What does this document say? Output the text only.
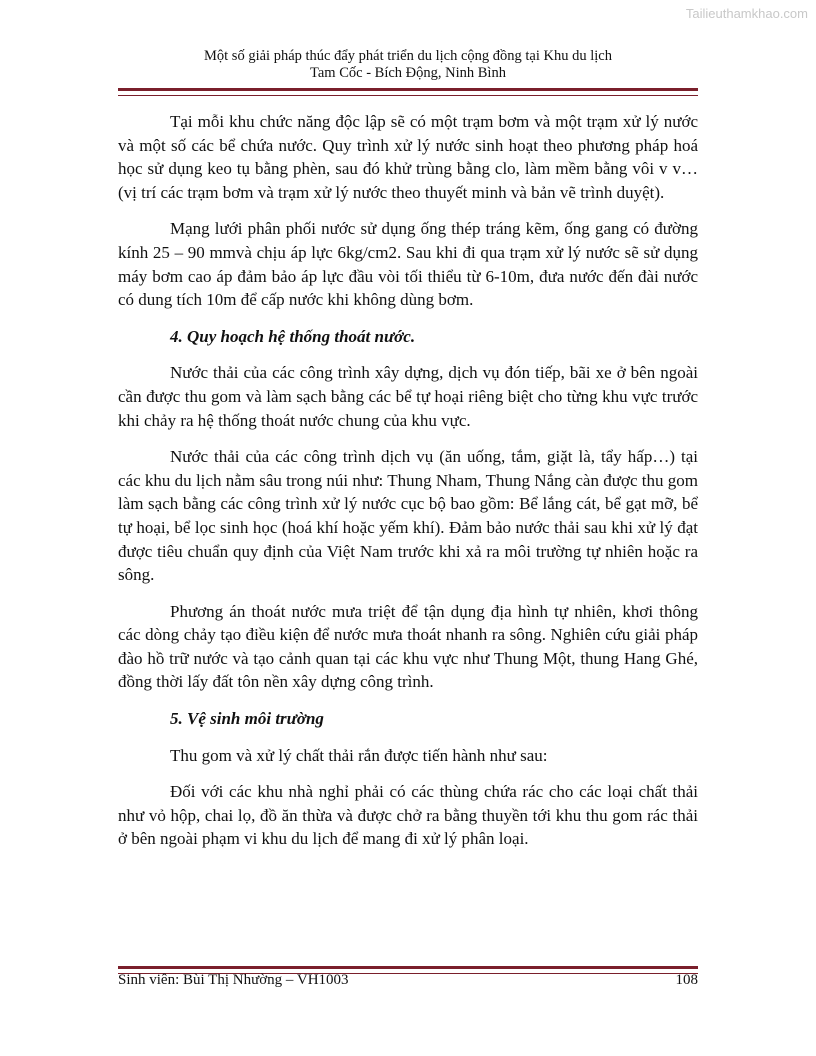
Tailieuthamkhao.com
Một số giải pháp thúc đẩy phát triển du lịch cộng đồng tại Khu du lịch
Tam Cốc - Bích Động, Ninh Bình

Tại mỗi khu chức năng độc lập sẽ có một trạm bơm và một trạm xử lý nước và một số các bể chứa nước. Quy trình xử lý nước sinh hoạt theo phương pháp hoá học sử dụng keo tụ bằng phèn, sau đó khử trùng bằng clo, làm mềm bằng vôi v v… (vị trí các trạm bơm và trạm xử lý nước theo thuyết minh và bản vẽ trình duyệt).

Mạng lưới phân phối nước sử dụng ống thép tráng kẽm, ống gang có đường kính 25 – 90 mmvà chịu áp lực 6kg/cm2. Sau khi đi qua trạm xử lý nước sẽ sử dụng máy bơm cao áp đảm bảo áp lực đầu vòi tối thiểu từ 6-10m, đưa nước đến đài nước có dung tích 10m để cấp nước khi không dùng bơm.

4. Quy hoạch hệ thống thoát nước.

Nước thải của các công trình xây dựng, dịch vụ đón tiếp, bãi xe ở bên ngoài cần được thu gom và làm sạch bằng các bể tự hoại riêng biệt cho từng khu vực trước khi chảy ra hệ thống thoát nước chung của khu vực.

Nước thải của các công trình dịch vụ (ăn uống, tắm, giặt là, tẩy hấp…) tại các khu du lịch nằm sâu trong núi như: Thung Nham, Thung Nắng càn được thu gom làm sạch bằng các công trình xử lý nước cục bộ bao gồm: Bể lắng cát, bể gạt mỡ, bể tự hoại, bể lọc sinh học (hoá khí hoặc yếm khí). Đảm bảo nước thải sau khi xử lý đạt được tiêu chuẩn quy định của Việt Nam trước khi xả ra môi trường tự nhiên hoặc ra sông.

Phương án thoát nước mưa triệt để tận dụng địa hình tự nhiên, khơi thông các dòng chảy tạo điều kiện để nước mưa thoát nhanh ra sông. Nghiên cứu giải pháp đào hồ trữ nước và tạo cảnh quan tại các khu vực như Thung Một, thung Hang Ghé, đồng thời lấy đất tôn nền xây dựng công trình.

5. Vệ sinh môi trường

Thu gom và xử lý chất thải rắn được tiến hành như sau:

Đối với các khu nhà nghỉ phải có các thùng chứa rác cho các loại chất thải như vỏ hộp, chai lọ, đồ ăn thừa và được chở ra bằng thuyền tới khu thu gom rác thải ở bên ngoài phạm vi khu du lịch để mang đi xử lý phân loại.

Sinh viên: Bùi Thị Nhường – VH1003	108
